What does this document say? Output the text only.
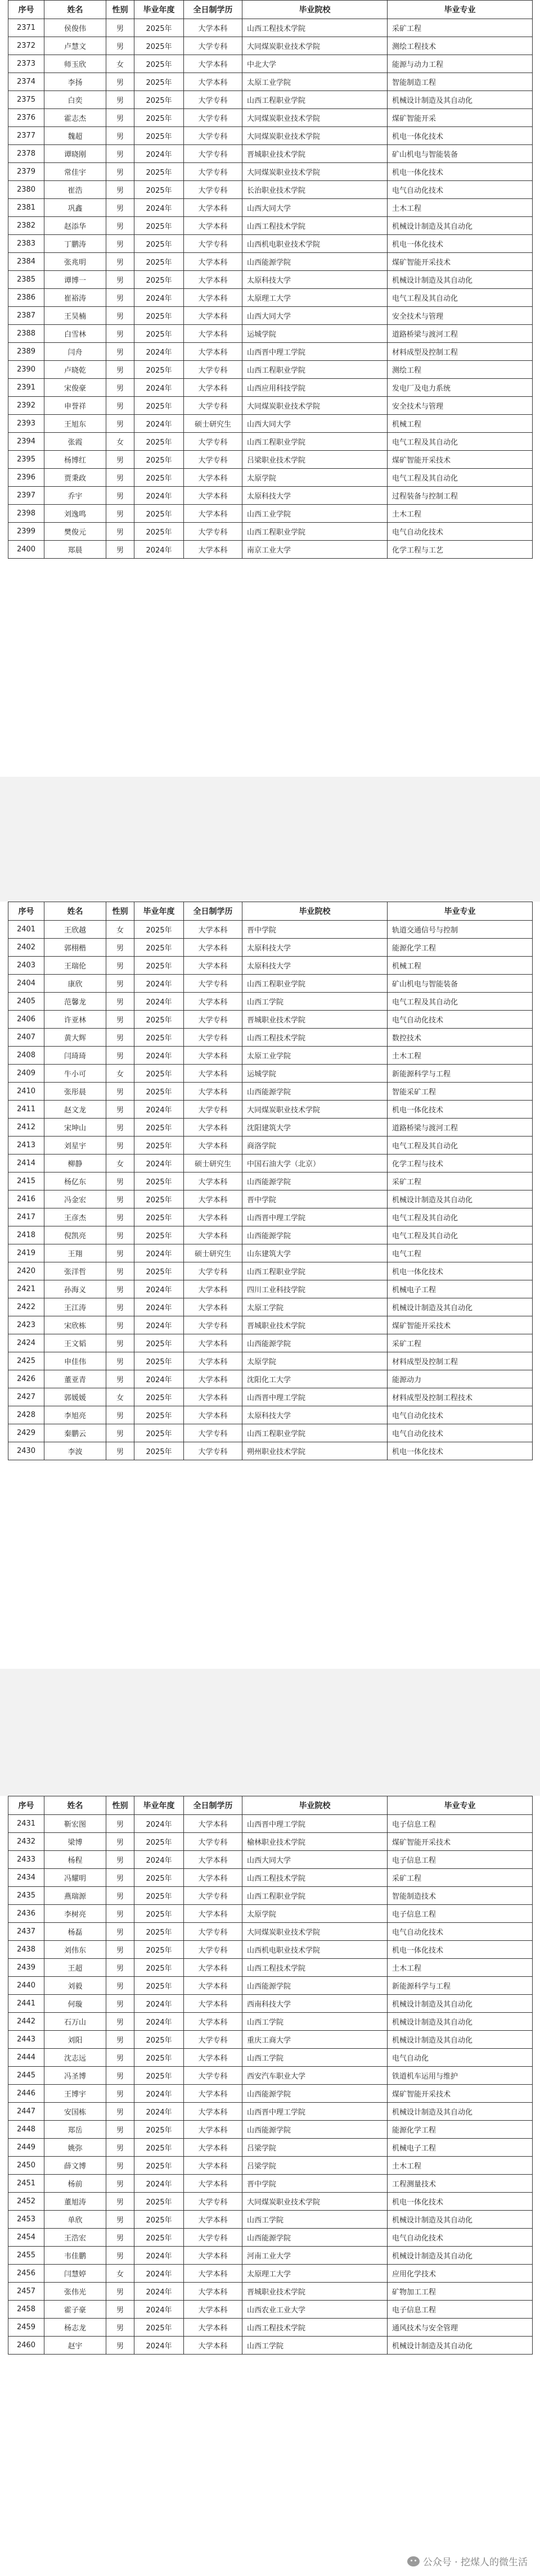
序号	姓名	性别	毕业年度	全日制学历	毕业院校	毕业专业
2371	侯俊伟	男	2025年	大学本科	山西工程技术学院	采矿工程
2372	卢慧文	男	2025年	大学专科	大同煤炭职业技术学院	测绘工程技术
2373	师玉欣	女	2025年	大学本科	中北大学	能源与动力工程
2374	李扬	男	2025年	大学本科	太原工业学院	智能制造工程
2375	白奕	男	2025年	大学专科	山西工程职业学院	机械设计制造及其自动化
2376	霍志杰	男	2025年	大学专科	大同煤炭职业技术学院	煤矿智能开采
2377	魏超	男	2025年	大学专科	大同煤炭职业技术学院	机电一体化技术
2378	谭晓刚	男	2024年	大学专科	晋城职业技术学院	矿山机电与智能装备
2379	常佳宇	男	2025年	大学专科	大同煤炭职业技术学院	机电一体化技术
2380	崔浩	男	2025年	大学专科	长治职业技术学院	电气自动化技术
2381	巩鑫	男	2024年	大学本科	山西大同大学	土木工程
2382	赵添华	男	2025年	大学本科	山西工程技术学院	机械设计制造及其自动化
2383	丁鹏涛	男	2025年	大学专科	山西机电职业技术学院	机电一体化技术
2384	张兆明	男	2025年	大学本科	山西能源学院	煤矿智能开采技术
2385	谭博一	男	2025年	大学本科	太原科技大学	机械设计制造及其自动化
2386	崔裕涛	男	2024年	大学本科	太原理工大学	电气工程及其自动化
2387	王昊楠	男	2025年	大学本科	山西大同大学	安全技术与管理
2388	白雪林	男	2025年	大学本科	运城学院	道路桥梁与渡河工程
2389	闫舟	男	2024年	大学本科	山西晋中理工学院	材料成型及控制工程
2390	卢晓乾	男	2025年	大学专科	山西工程职业学院	测绘工程
2391	宋俊豪	男	2024年	大学本科	山西应用科技学院	发电厂及电力系统
2392	申誉祥	男	2025年	大学专科	大同煤炭职业技术学院	安全技术与管理
2393	王旭东	男	2024年	硕士研究生	山西大同大学	机械工程
2394	张霞	女	2025年	大学专科	山西工程职业学院	电气工程及其自动化
2395	杨博红	男	2025年	大学专科	吕梁职业技术学院	煤矿智能开采技术
2396	贾秉政	男	2025年	大学本科	太原学院	电气工程及其自动化
2397	乔宇	男	2024年	大学本科	太原科技大学	过程装备与控制工程
2398	刘逸鸣	男	2025年	大学本科	山西工业学院	土木工程
2399	樊俊元	男	2025年	大学专科	山西工程职业学院	电气自动化技术
2400	郑晨	男	2024年	大学本科	南京工业大学	化学工程与工艺
序号	姓名	性别	毕业年度	全日制学历	毕业院校	毕业专业
2401	王欣越	女	2025年	大学本科	晋中学院	轨道交通信号与控制
2402	郭栩楷	男	2025年	大学本科	太原科技大学	能源化学工程
2403	王瑞伦	男	2025年	大学本科	太原科技大学	机械工程
2404	康欣	男	2024年	大学专科	山西工程职业学院	矿山机电与智能装备
2405	范馨龙	男	2024年	大学本科	山西工学院	电气工程及其自动化
2406	许亚林	男	2025年	大学专科	晋城职业技术学院	电气自动化技术
2407	黄大辉	男	2025年	大学专科	山西工程技术学院	数控技术
2408	闫琦琦	男	2024年	大学本科	太原工业学院	土木工程
2409	牛小可	女	2025年	大学本科	运城学院	新能源科学与工程
2410	张彤晨	男	2025年	大学本科	山西能源学院	智能采矿工程
2411	赵文龙	男	2024年	大学专科	大同煤炭职业技术学院	机电一体化技术
2412	宋坤山	男	2025年	大学本科	沈阳建筑大学	道路桥梁与渡河工程
2413	刘星宇	男	2025年	大学本科	商洛学院	电气工程及其自动化
2414	柳静	女	2024年	硕士研究生	中国石油大学（北京）	化学工程与技术
2415	杨亿东	男	2025年	大学本科	山西能源学院	采矿工程
2416	冯金宏	男	2025年	大学本科	晋中学院	机械设计制造及其自动化
2417	王彦杰	男	2025年	大学本科	山西晋中理工学院	电气工程及其自动化
2418	倪凯亮	男	2025年	大学本科	山西能源学院	电气工程及其自动化
2419	王翔	男	2024年	硕士研究生	山东建筑大学	电气工程
2420	张洋哲	男	2025年	大学专科	山西工程职业学院	机电一体化技术
2421	孙海义	男	2024年	大学本科	四川工业科技学院	机械电子工程
2422	王江涛	男	2024年	大学本科	太原工学院	机械设计制造及其自动化
2423	宋欣栋	男	2024年	大学专科	晋城职业技术学院	煤矿智能开采技术
2424	王文韬	男	2025年	大学本科	山西能源学院	采矿工程
2425	申佳伟	男	2025年	大学本科	太原学院	材料成型及控制工程
2426	董亚青	男	2024年	大学本科	沈阳化工大学	能源动力
2427	郭媛媛	女	2025年	大学本科	山西晋中理工学院	材料成型及控制工程技术
2428	李旭亮	男	2025年	大学本科	太原科技大学	电气自动化技术
2429	秦鹏云	男	2025年	大学专科	山西工程职业学院	电气自动化技术
2430	李波	男	2025年	大学专科	朔州职业技术学院	机电一体化技术
序号	姓名	性别	毕业年度	全日制学历	毕业院校	毕业专业
2431	靳宏图	男	2024年	大学本科	山西晋中理工学院	电子信息工程
2432	梁博	男	2025年	大学专科	榆林职业技术学院	煤矿智能开采技术
2433	杨程	男	2024年	大学本科	山西大同大学	电子信息工程
2434	冯耀明	男	2025年	大学本科	山西工程技术学院	采矿工程
2435	燕瑞源	男	2025年	大学专科	山西工程职业学院	智能制造技术
2436	李树亮	男	2025年	大学本科	太原学院	电子信息工程
2437	杨磊	男	2025年	大学专科	大同煤炭职业技术学院	电气自动化技术
2438	刘伟东	男	2025年	大学专科	山西机电职业技术学院	机电一体化技术
2439	王超	男	2025年	大学本科	山西工程技术学院	土木工程
2440	刘毅	男	2025年	大学本科	山西能源学院	新能源科学与工程
2441	何璇	男	2024年	大学本科	西南科技大学	机械设计制造及其自动化
2442	石万山	男	2024年	大学本科	山西工学院	机械设计制造及其自动化
2443	刘阳	男	2025年	大学专科	重庆工商大学	机械设计制造及其自动化
2444	沈志远	男	2025年	大学本科	山西工学院	电气自动化
2445	冯圣博	男	2025年	大学专科	西安汽车职业大学	铁道机车运用与维护
2446	王博宇	男	2024年	大学本科	山西能源学院	煤矿智能开采技术
2447	安国栋	男	2024年	大学本科	山西晋中理工学院	机械设计制造及其自动化
2448	郑岳	男	2025年	大学本科	山西能源学院	能源化学工程
2449	姚弥	男	2025年	大学本科	吕梁学院	机械电子工程
2450	薛文博	男	2025年	大学本科	吕梁学院	土木工程
2451	杨前	男	2024年	大学本科	晋中学院	工程测量技术
2452	董旭涛	男	2025年	大学专科	大同煤炭职业技术学院	机电一体化技术
2453	单欣	男	2025年	大学本科	山西工学院	机械设计制造及其自动化
2454	王浩宏	男	2025年	大学专科	山西能源学院	电气自动化技术
2455	韦佳鹏	男	2024年	大学本科	河南工业大学	机械设计制造及其自动化
2456	闫慧婷	女	2024年	大学本科	太原理工大学	应用化学技术
2457	张伟光	男	2024年	大学本科	晋城职业技术学院	矿物加工工程
2458	霍子豪	男	2024年	大学本科	山西农业工业大学	电子信息工程
2459	杨志龙	男	2025年	大学本科	山西工程技术学院	通风技术与安全管理
2460	赵宇	男	2024年	大学本科	山西工学院	机械设计制造及其自动化
公众号 · 挖煤人的微生活
